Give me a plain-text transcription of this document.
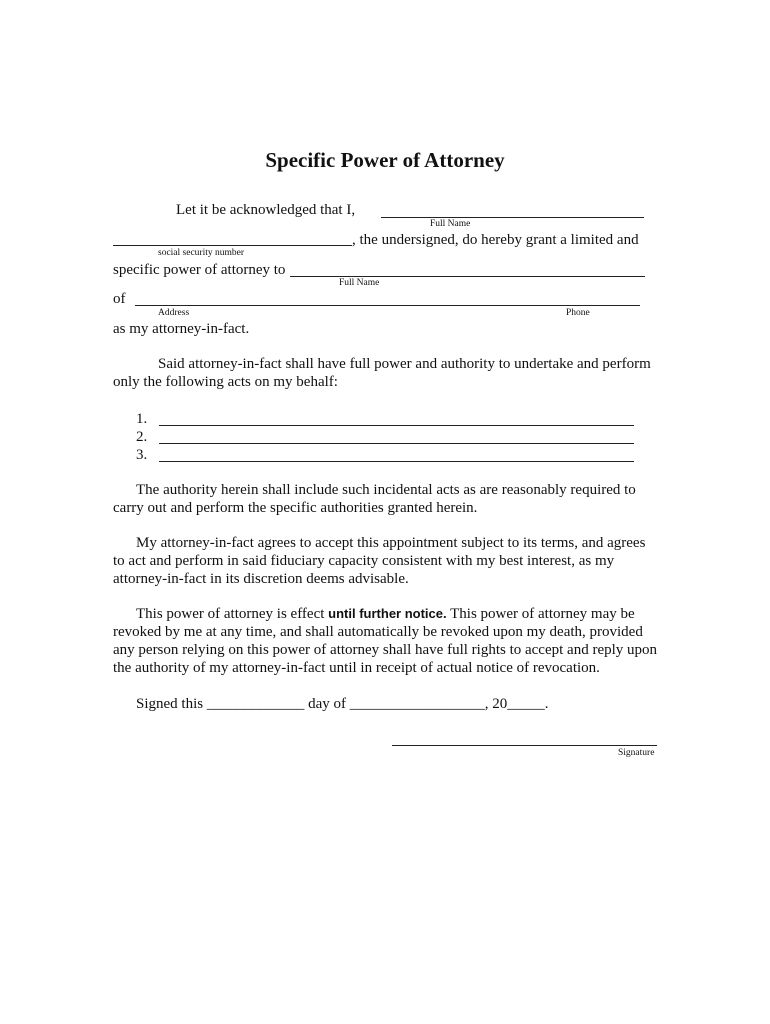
Specific Power of Attorney
Let it be acknowledged that I,
Full Name
, the undersigned, do hereby grant a limited and
social security number
specific power of attorney to
Full Name
of
Address	Phone
as my attorney-in-fact.
Said attorney-in-fact shall have full power and authority to undertake and perform only the following acts on my behalf:
1.
2.
3.
The authority herein shall include such incidental acts as are reasonably required to carry out and perform the specific authorities granted herein.
My attorney-in-fact agrees to accept this appointment subject to its terms, and agrees to act and perform in said fiduciary capacity consistent with my best interest, as my attorney-in-fact in its discretion deems advisable.
This power of attorney is effect until further notice. This power of attorney may be revoked by me at any time, and shall automatically be revoked upon my death, provided any person relying on this power of attorney shall have full rights to accept and reply upon the authority of my attorney-in-fact until in receipt of actual notice of revocation.
Signed this _____________ day of __________________, 20_____.
Signature
